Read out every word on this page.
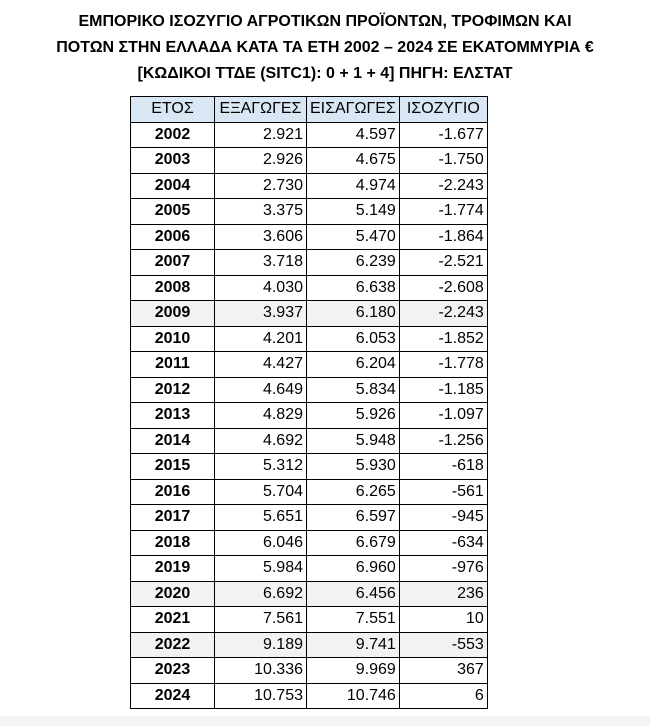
ΕΜΠΟΡΙΚΟ ΙΣΟΖΥΓΙΟ ΑΓΡΟΤΙΚΩΝ ΠΡΟΪΟΝΤΩΝ, ΤΡΟΦΙΜΩΝ ΚΑΙ
ΠΟΤΩΝ ΣΤΗΝ ΕΛΛΑΔΑ ΚΑΤΑ ΤΑ ΕΤΗ 2002 – 2024 ΣΕ ΕΚΑΤΟΜΜΥΡΙΑ €
[ΚΩΔΙΚΟΙ ΤΤΔΕ (SITC1): 0 + 1 + 4] ΠΗΓΗ: ΕΛΣΤΑΤ
ΕΤΟΣ	ΕΞΑΓΩΓΕΣ	ΕΙΣΑΓΩΓΕΣ	ΙΣΟΖΥΓΙΟ
2002	2.921	4.597	-1.677
2003	2.926	4.675	-1.750
2004	2.730	4.974	-2.243
2005	3.375	5.149	-1.774
2006	3.606	5.470	-1.864
2007	3.718	6.239	-2.521
2008	4.030	6.638	-2.608
2009	3.937	6.180	-2.243
2010	4.201	6.053	-1.852
2011	4.427	6.204	-1.778
2012	4.649	5.834	-1.185
2013	4.829	5.926	-1.097
2014	4.692	5.948	-1.256
2015	5.312	5.930	-618
2016	5.704	6.265	-561
2017	5.651	6.597	-945
2018	6.046	6.679	-634
2019	5.984	6.960	-976
2020	6.692	6.456	236
2021	7.561	7.551	10
2022	9.189	9.741	-553
2023	10.336	9.969	367
2024	10.753	10.746	6
